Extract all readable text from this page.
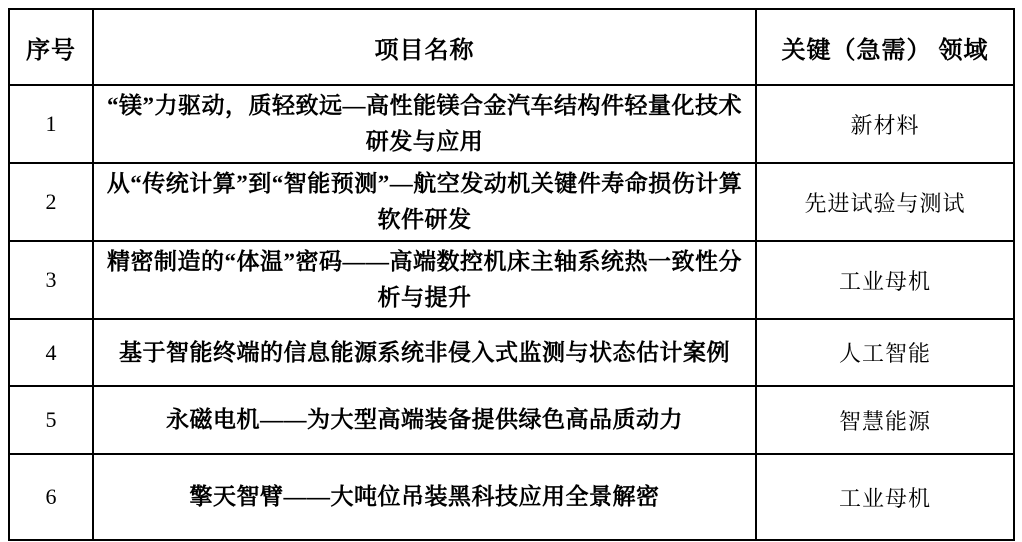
序号	项目名称	关键（急需） 领域
1	“镁”力驱动，质轻致远—高性能镁合金汽车结构件轻量化技术研发与应用	新材料
2	从“传统计算”到“智能预测”—航空发动机关键件寿命损伤计算软件研发	先进试验与测试
3	精密制造的“体温”密码——高端数控机床主轴系统热一致性分析与提升	工业母机
4	基于智能终端的信息能源系统非侵入式监测与状态估计案例	人工智能
5	永磁电机——为大型高端装备提供绿色高品质动力	智慧能源
6	擎天智臂——大吨位吊装黑科技应用全景解密	工业母机
